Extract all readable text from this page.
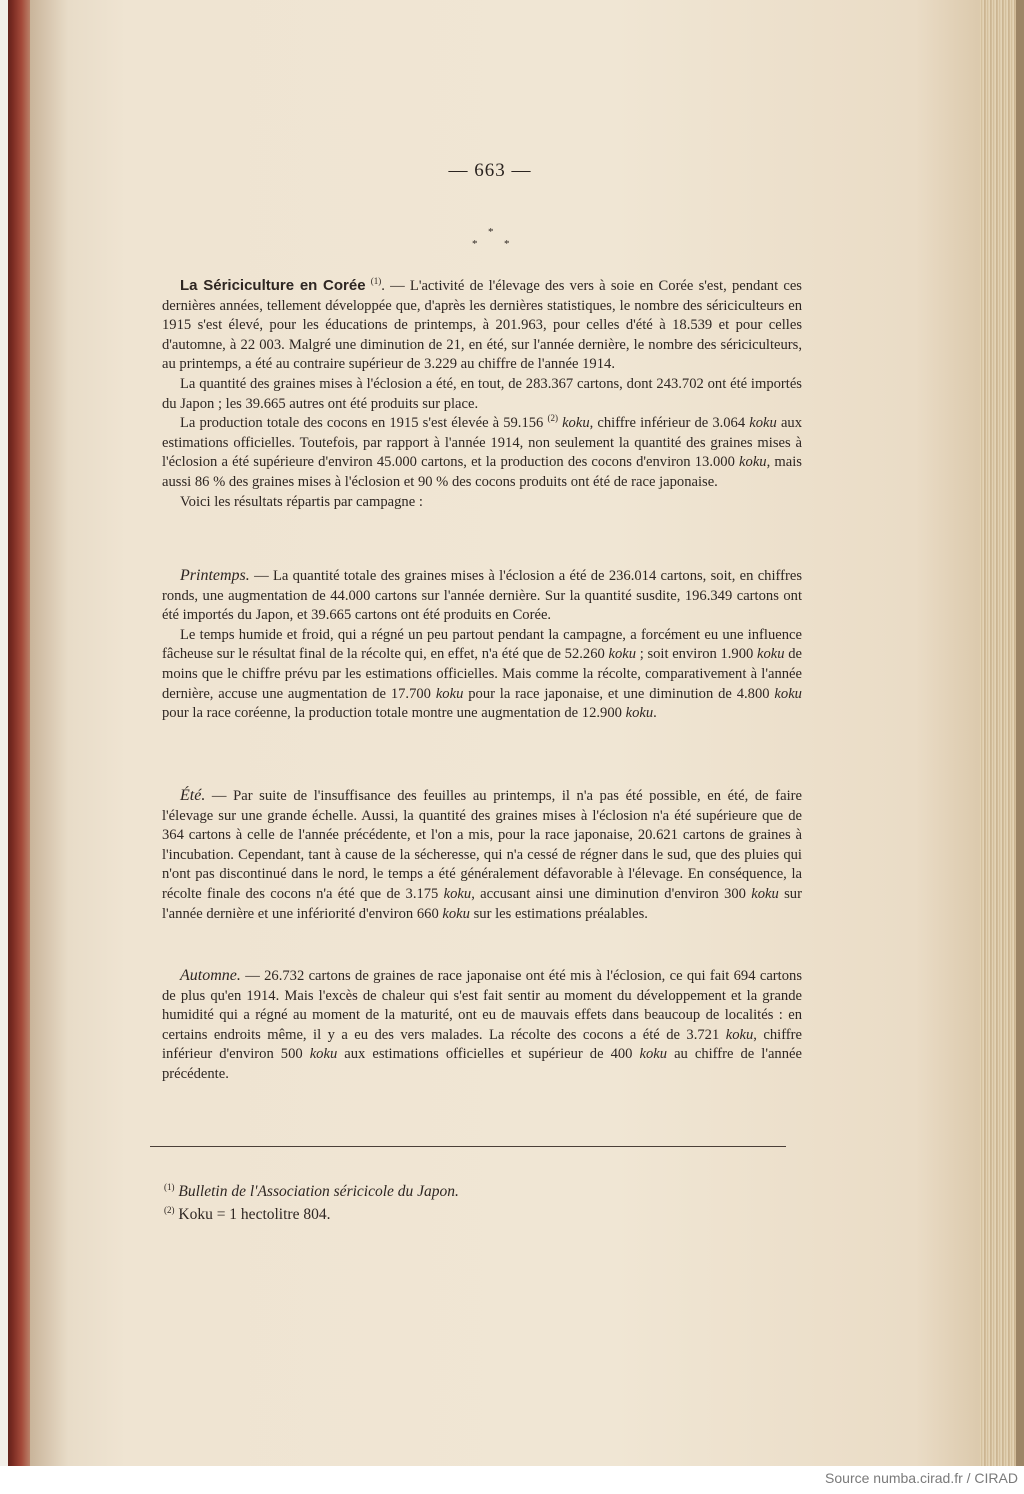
— 663 —
*
* *

La Sériciculture en Corée $^{(1)}$. — L'activité de l'élevage des vers à soie en Corée s'est, pendant ces dernières années, tellement développée que, d'après les dernières statistiques, le nombre des sériciculteurs en 1915 s'est élevé, pour les éducations de printemps, à 201.963, pour celles d'été à 18.539 et pour celles d'automne, à 22 003. Malgré une diminution de 21, en été, sur l'année dernière, le nombre des sériciculteurs, au printemps, a été au contraire supérieur de 3.229 au chiffre de l'année 1914.

La quantité des graines mises à l'éclosion a été, en tout, de 283.367 cartons, dont 243.702 ont été importés du Japon ; les 39.665 autres ont été produits sur place.

La production totale des cocons en 1915 s'est élevée à 59.156 $^{(2)}$ koku, chiffre inférieur de 3.064 koku aux estimations officielles. Toutefois, par rapport à l'année 1914, non seulement la quantité des graines mises à l'éclosion a été supérieure d'environ 45.000 cartons, et la production des cocons d'environ 13.000 koku, mais aussi 86 % des graines mises à l'éclosion et 90 % des cocons produits ont été de race japonaise.

Voici les résultats répartis par campagne :

Printemps. — La quantité totale des graines mises à l'éclosion a été de 236.014 cartons, soit, en chiffres ronds, une augmentation de 44.000 cartons sur l'année dernière. Sur la quantité susdite, 196.349 cartons ont été importés du Japon, et 39.665 cartons ont été produits en Corée.

Le temps humide et froid, qui a régné un peu partout pendant la campagne, a forcément eu une influence fâcheuse sur le résultat final de la récolte qui, en effet, n'a été que de 52.260 koku ; soit environ 1.900 koku de moins que le chiffre prévu par les estimations officielles. Mais comme la récolte, comparativement à l'année dernière, accuse une augmentation de 17.700 koku pour la race japonaise, et une diminution de 4.800 koku pour la race coréenne, la production totale montre une augmentation de 12.900 koku.

Été. — Par suite de l'insuffisance des feuilles au printemps, il n'a pas été possible, en été, de faire l'élevage sur une grande échelle. Aussi, la quantité des graines mises à l'éclosion n'a été supérieure que de 364 cartons à celle de l'année précédente, et l'on a mis, pour la race japonaise, 20.621 cartons de graines à l'incubation. Cependant, tant à cause de la sécheresse, qui n'a cessé de régner dans le sud, que des pluies qui n'ont pas discontinué dans le nord, le temps a été généralement défavorable à l'élevage. En conséquence, la récolte finale des cocons n'a été que de 3.175 koku, accusant ainsi une diminution d'environ 300 koku sur l'année dernière et une infériorité d'environ 660 koku sur les estimations préalables.

Automne. — 26.732 cartons de graines de race japonaise ont été mis à l'éclosion, ce qui fait 694 cartons de plus qu'en 1914. Mais l'excès de chaleur qui s'est fait sentir au moment du développement et la grande humidité qui a régné au moment de la maturité, ont eu de mauvais effets dans beaucoup de localités : en certains endroits même, il y a eu des vers malades. La récolte des cocons a été de 3.721 koku, chiffre inférieur d'environ 500 koku aux estimations officielles et supérieur de 400 koku au chiffre de l'année précédente.

$^{(1)}$ Bulletin de l'Association séricicole du Japon.
$^{(2)}$ Koku = 1 hectolitre 804.
Source numba.cirad.fr / CIRAD
